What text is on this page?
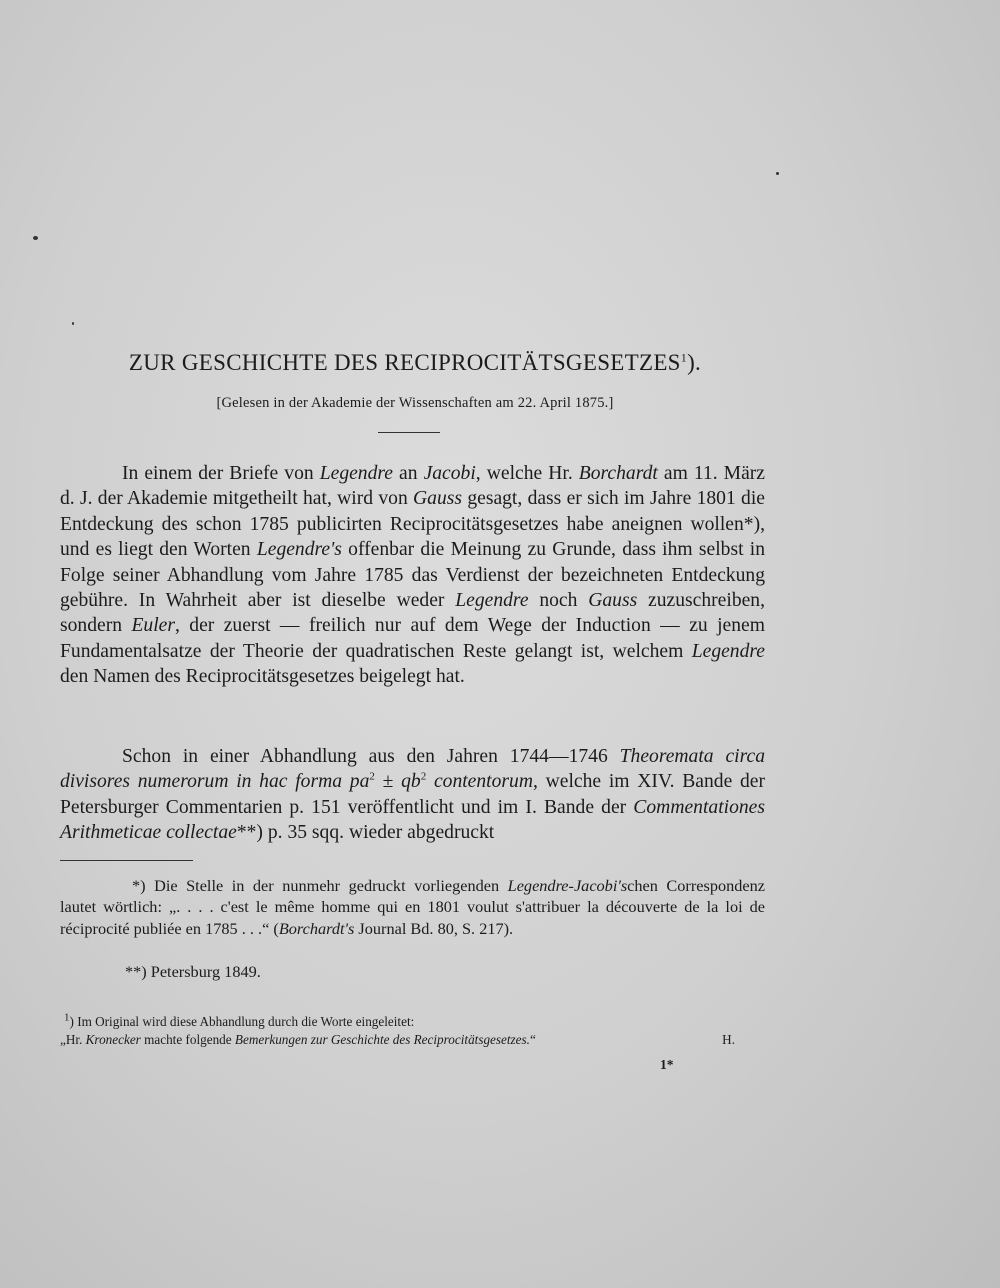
ZUR GESCHICHTE DES RECIPROCITÄTSGESETZES$^1$).
[Gelesen in der Akademie der Wissenschaften am 22. April 1875.]
In einem der Briefe von Legendre an Jacobi, welche Hr. Borchardt am 11. März d. J. der Akademie mitgetheilt hat, wird von Gauss gesagt, dass er sich im Jahre 1801 die Entdeckung des schon 1785 publicirten Reciprocitätsgesetzes habe aneignen wollen*), und es liegt den Worten Legendre's offenbar die Meinung zu Grunde, dass ihm selbst in Folge seiner Abhandlung vom Jahre 1785 das Verdienst der bezeichneten Entdeckung gebühre. In Wahrheit aber ist dieselbe weder Legendre noch Gauss zuzuschreiben, sondern Euler, der zuerst — freilich nur auf dem Wege der Induction — zu jenem Fundamentalsatze der Theorie der quadratischen Reste gelangt ist, welchem Legendre den Namen des Reciprocitätsgesetzes beigelegt hat.
Schon in einer Abhandlung aus den Jahren 1744—1746 Theoremata circa divisores numerorum in hac forma $pa^2 \pm qb^2$ contentorum, welche im XIV. Bande der Petersburger Commentarien p. 151 veröffentlicht und im I. Bande der Commentationes Arithmeticae collectae**) p. 35 sqq. wieder abgedruckt
*) Die Stelle in der nunmehr gedruckt vorliegenden Legendre-Jacobi'schen Correspondenz lautet wörtlich: „. . . . c'est le même homme qui en 1801 voulut s'attribuer la découverte de la loi de réciprocité publiée en 1785 . . .“ (Borchardt's Journal Bd. 80, S. 217).
**) Petersburg 1849.
$^1$) Im Original wird diese Abhandlung durch die Worte eingeleitet:
„Hr. Kronecker machte folgende Bemerkungen zur Geschichte des Reciprocitätsgesetzes.“	H.
1*
